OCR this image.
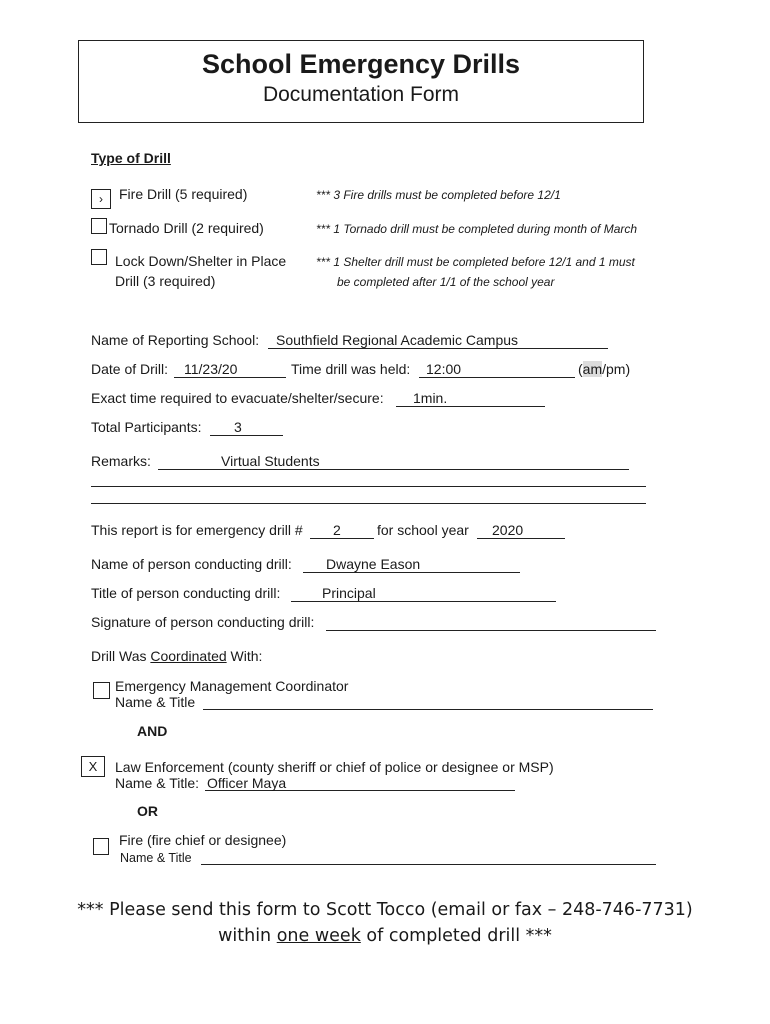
School Emergency Drills
Documentation Form
Type of Drill
›	Fire Drill (5 required)	*** 3 Fire drills must be completed before 12/1
Tornado Drill (2 required)	*** 1 Tornado drill must be completed during month of March
Lock Down/Shelter in Place
Drill (3 required)
*** 1 Shelter drill must be completed before 12/1 and 1 must
be completed after 1/1 of the school year
Name of Reporting School: Southfield Regional Academic Campus
Date of Drill: 11/23/20	Time drill was held: 12:00	(am/pm)
Exact time required to evacuate/shelter/secure: 1min.
Total Participants: 3
Remarks:	Virtual Students
This report is for emergency drill # 2	for school year 2020
Name of person conducting drill: Dwayne Eason
Title of person conducting drill:	Principal
Signature of person conducting drill:
Drill Was Coordinated With:
Emergency Management Coordinator
Name & Title
AND
X	Law Enforcement (county sheriff or chief of police or designee or MSP)
Name & Title: Officer Maya
OR
Fire (fire chief or designee)
Name & Title
*** Please send this form to Scott Tocco (email or fax – 248-746-7731)
within one week of completed drill ***
